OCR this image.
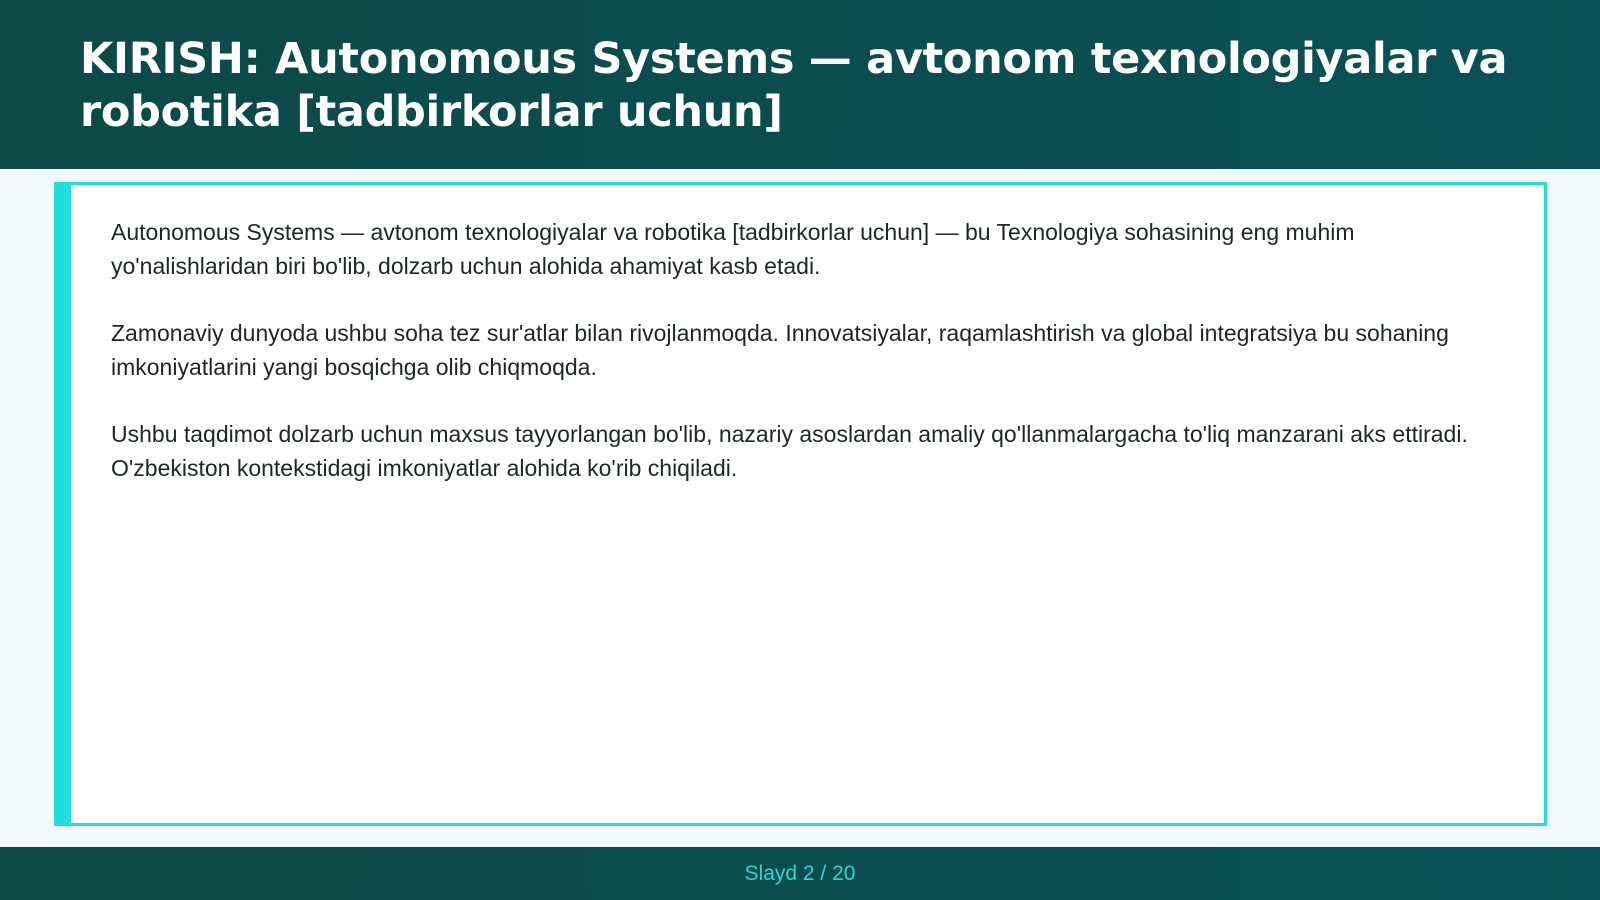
KIRISH: Autonomous Systems — avtonom texnologiyalar va robotika [tadbirkorlar uchun]

Autonomous Systems — avtonom texnologiyalar va robotika [tadbirkorlar uchun] — bu Texnologiya sohasining eng muhim yo'nalishlaridan biri bo'lib, dolzarb uchun alohida ahamiyat kasb etadi.

Zamonaviy dunyoda ushbu soha tez sur'atlar bilan rivojlanmoqda. Innovatsiyalar, raqamlashtirish va global integratsiya bu sohaning imkoniyatlarini yangi bosqichga olib chiqmoqda.

Ushbu taqdimot dolzarb uchun maxsus tayyorlangan bo'lib, nazariy asoslardan amaliy qo'llanmalargacha to'liq manzarani aks ettiradi. O'zbekiston kontekstidagi imkoniyatlar alohida ko'rib chiqiladi.

Slayd 2 / 20
